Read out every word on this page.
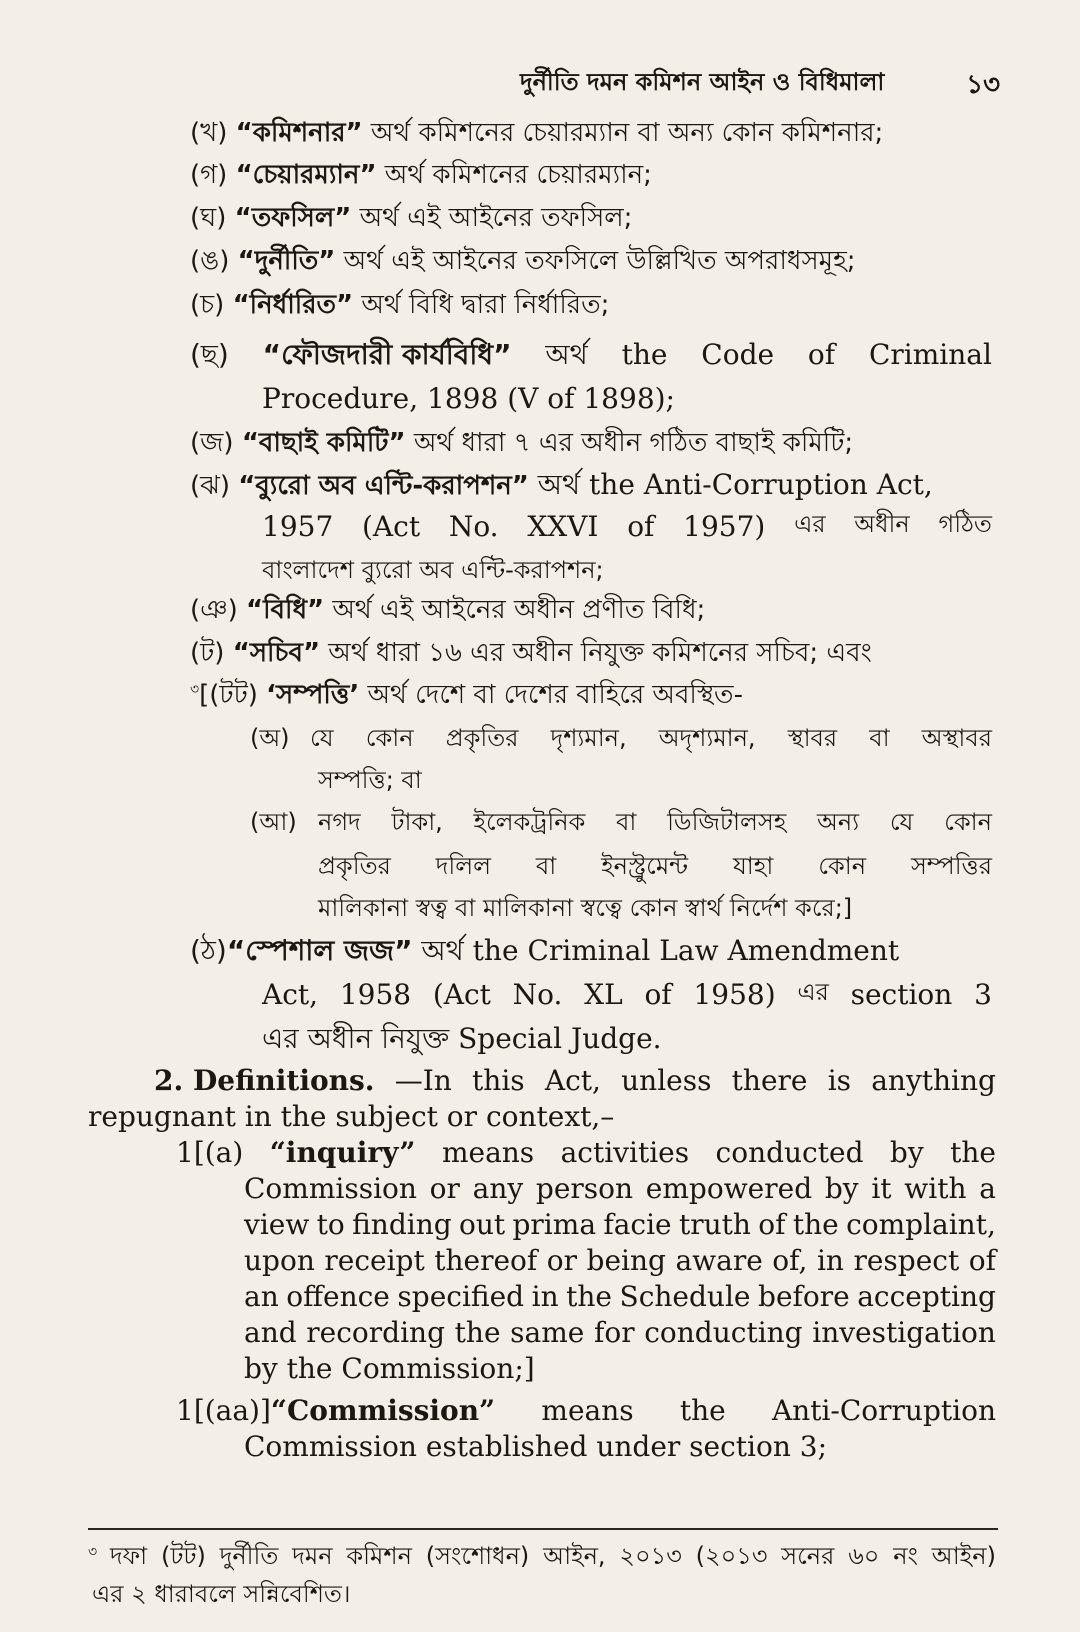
দুর্নীতি দমন কমিশন আইন ও বিধিমালা	১৩
(খ) “কমিশনার” অর্থ কমিশনের চেয়ারম্যান বা অন্য কোন কমিশনার;
(গ) “চেয়ারম্যান” অর্থ কমিশনের চেয়ারম্যান;
(ঘ) “তফসিল” অর্থ এই আইনের তফসিল;
(ঙ) “দুর্নীতি” অর্থ এই আইনের তফসিলে উল্লিখিত অপরাধসমূহ;
(চ) “নির্ধারিত” অর্থ বিধি দ্বারা নির্ধারিত;
(ছ) “ফৌজদারী কার্যবিধি” অর্থ the Code of Criminal
Procedure, 1898 (V of 1898);
(জ) “বাছাই কমিটি” অর্থ ধারা ৭ এর অধীন গঠিত বাছাই কমিটি;
(ঝ) “ব্যুরো অব এন্টি-করাপশন” অর্থ the Anti-Corruption Act,
1957 (Act No. XXVI of 1957) এর অধীন গঠিত
বাংলাদেশ ব্যুরো অব এন্টি-করাপশন;
(ঞ) “বিধি” অর্থ এই আইনের অধীন প্রণীত বিধি;
(ট) “সচিব” অর্থ ধারা ১৬ এর অধীন নিযুক্ত কমিশনের সচিব; এবং
$^৩$[(টট) ‘সম্পত্তি’ অর্থ দেশে বা দেশের বাহিরে অবস্থিত-
(অ) যে কোন প্রকৃতির দৃশ্যমান, অদৃশ্যমান, স্থাবর বা অস্থাবর
সম্পত্তি; বা
(আ) নগদ টাকা, ইলেকট্রনিক বা ডিজিটালসহ অন্য যে কোন
প্রকৃতির দলিল বা ইনস্ট্রুমেন্ট যাহা কোন সম্পত্তির
মালিকানা স্বত্ব বা মালিকানা স্বত্বে কোন স্বার্থ নির্দেশ করে;]
(ঠ)“স্পেশাল জজ” অর্থ the Criminal Law Amendment
Act, 1958 (Act No. XL of 1958) এর section 3
এর অধীন নিযুক্ত Special Judge.
2. Definitions. —In this Act, unless there is anything
repugnant in the subject or context,–
1[(a) “inquiry” means activities conducted by the
Commission or any person empowered by it with a
view to finding out prima facie truth of the complaint,
upon receipt thereof or being aware of, in respect of
an offence specified in the Schedule before accepting
and recording the same for conducting investigation
by the Commission;]
1[(aa)]“Commission” means the Anti-Corruption
Commission established under section 3;
৩ দফা (টট) দুর্নীতি দমন কমিশন (সংশোধন) আইন, ২০১৩ (২০১৩ সনের ৬০ নং আইন)
এর ২ ধারাবলে সন্নিবেশিত।
